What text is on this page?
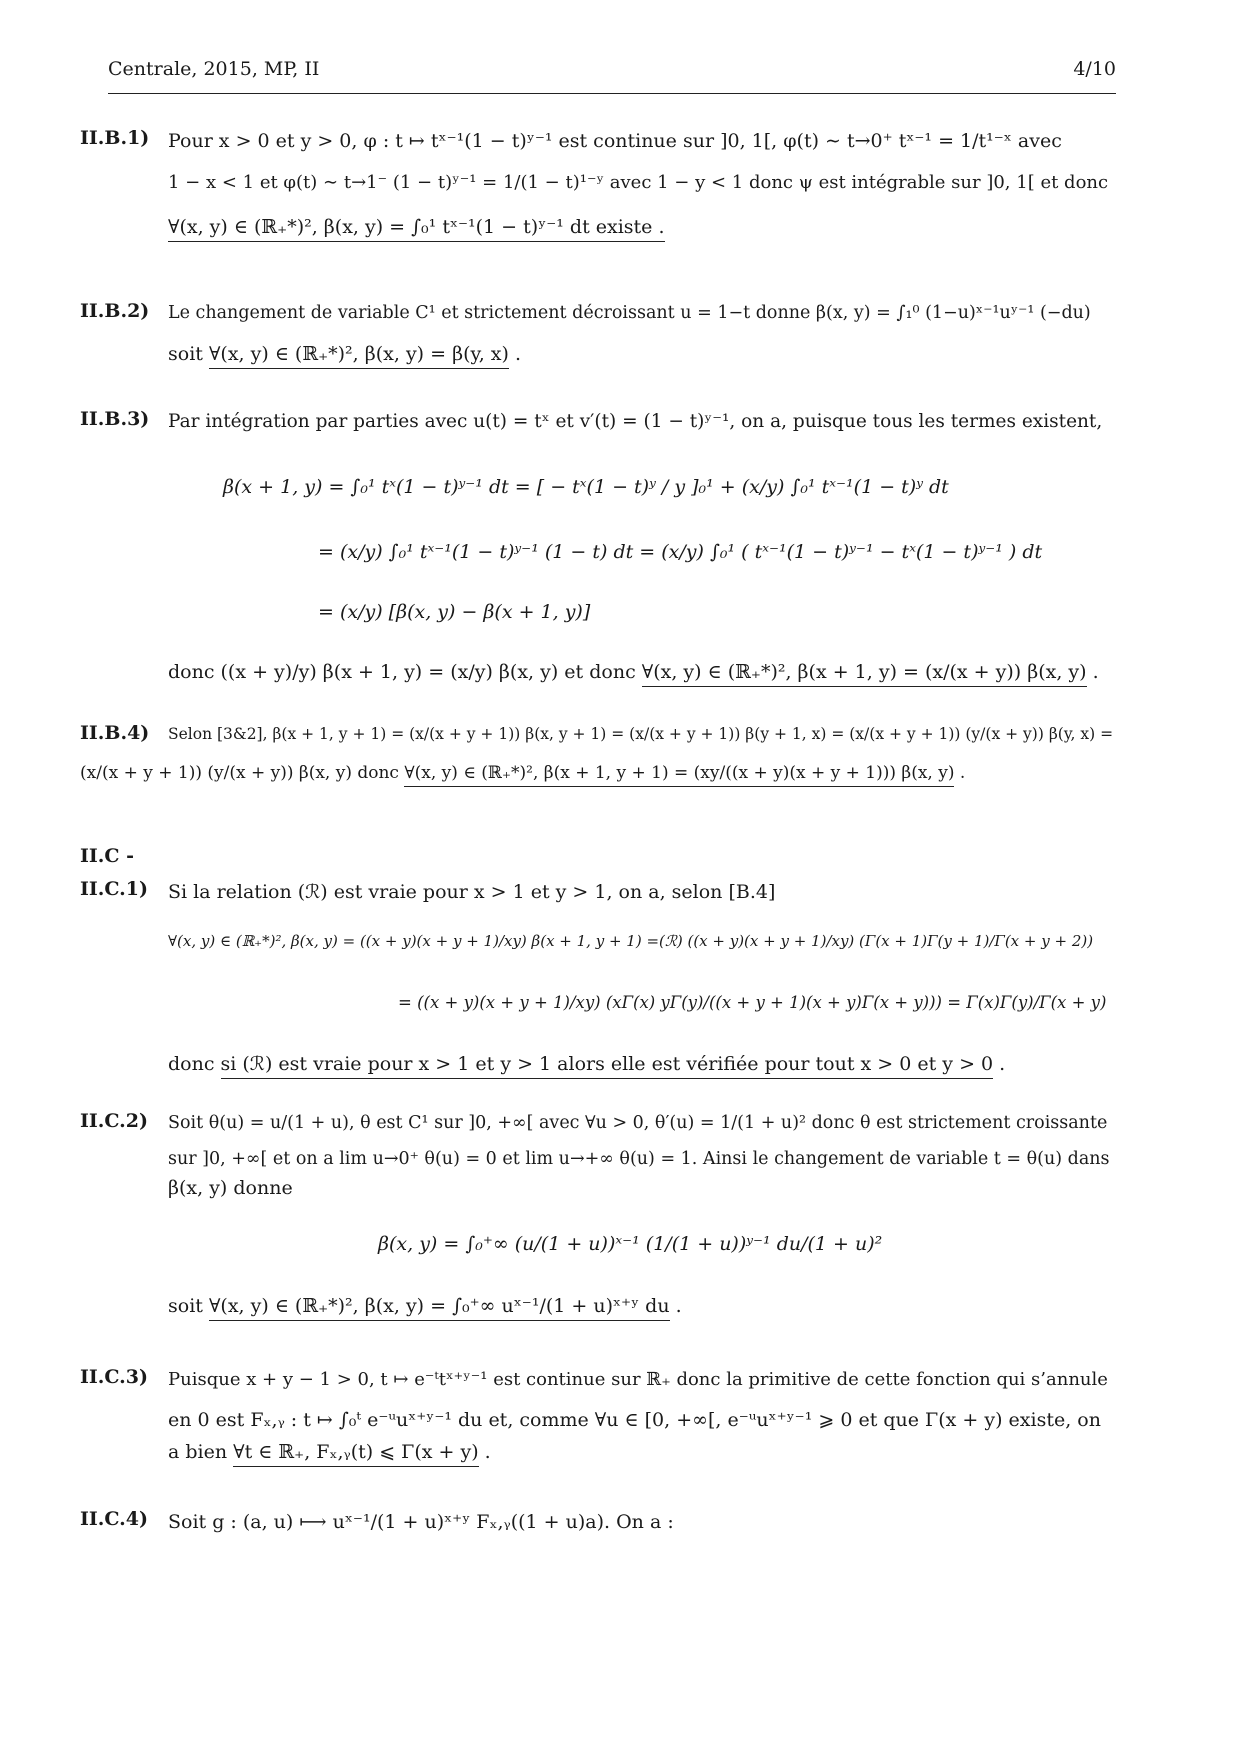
Centrale, 2015, MP, II	4/10
II.B.1) Pour x > 0 et y > 0, φ : t ↦ tˣ⁻¹(1 − t)ʸ⁻¹ est continue sur ]0, 1[, φ(t) ∼ t→0⁺ tˣ⁻¹ = 1/t¹⁻ˣ avec
1 − x < 1 et φ(t) ∼ t→1⁻ (1 − t)ʸ⁻¹ = 1/(1 − t)¹⁻ʸ avec 1 − y < 1 donc ψ est intégrable sur ]0, 1[ et donc
∀(x, y) ∈ (ℝ₊*)², β(x, y) = ∫₀¹ tˣ⁻¹(1 − t)ʸ⁻¹ dt existe .
II.B.2) Le changement de variable C¹ et strictement décroissant u = 1−t donne β(x, y) = ∫₁⁰ (1−u)ˣ⁻¹uʸ⁻¹ (−du)
soit ∀(x, y) ∈ (ℝ₊*)², β(x, y) = β(y, x) .
II.B.3) Par intégration par parties avec u(t) = tˣ et v′(t) = (1 − t)ʸ⁻¹, on a, puisque tous les termes existent,
β(x + 1, y) = ∫₀¹ tˣ(1 − t)ʸ⁻¹ dt = [ − tˣ(1 − t)ʸ / y ]₀¹ + (x/y) ∫₀¹ tˣ⁻¹(1 − t)ʸ dt
= (x/y) ∫₀¹ tˣ⁻¹(1 − t)ʸ⁻¹ (1 − t) dt = (x/y) ∫₀¹ ( tˣ⁻¹(1 − t)ʸ⁻¹ − tˣ(1 − t)ʸ⁻¹ ) dt
= (x/y) [β(x, y) − β(x + 1, y)]
donc ((x + y)/y) β(x + 1, y) = (x/y) β(x, y) et donc ∀(x, y) ∈ (ℝ₊*)², β(x + 1, y) = (x/(x + y)) β(x, y) .
II.B.4) Selon [3&2], β(x + 1, y + 1) = (x/(x + y + 1)) β(x, y + 1) = (x/(x + y + 1)) β(y + 1, x) = (x/(x + y + 1)) (y/(x + y)) β(y, x) =
(x/(x + y + 1)) (y/(x + y)) β(x, y) donc ∀(x, y) ∈ (ℝ₊*)², β(x + 1, y + 1) = (xy/((x + y)(x + y + 1))) β(x, y) .
II.C -
II.C.1) Si la relation (ℛ) est vraie pour x > 1 et y > 1, on a, selon [B.4]
∀(x, y) ∈ (ℝ₊*)², β(x, y) = ((x + y)(x + y + 1)/xy) β(x + 1, y + 1) =(ℛ) ((x + y)(x + y + 1)/xy) (Γ(x + 1)Γ(y + 1)/Γ(x + y + 2))
= ((x + y)(x + y + 1)/xy) (xΓ(x) yΓ(y)/((x + y + 1)(x + y)Γ(x + y))) = Γ(x)Γ(y)/Γ(x + y)
donc si (ℛ) est vraie pour x > 1 et y > 1 alors elle est vérifiée pour tout x > 0 et y > 0 .
II.C.2) Soit θ(u) = u/(1 + u), θ est C¹ sur ]0, +∞[ avec ∀u > 0, θ′(u) = 1/(1 + u)² donc θ est strictement croissante
sur ]0, +∞[ et on a lim u→0⁺ θ(u) = 0 et lim u→+∞ θ(u) = 1. Ainsi le changement de variable t = θ(u) dans
β(x, y) donne
β(x, y) = ∫₀⁺∞ (u/(1 + u))ˣ⁻¹ (1/(1 + u))ʸ⁻¹ du/(1 + u)²
soit ∀(x, y) ∈ (ℝ₊*)², β(x, y) = ∫₀⁺∞ uˣ⁻¹/(1 + u)ˣ⁺ʸ du .
II.C.3) Puisque x + y − 1 > 0, t ↦ e⁻ᵗtˣ⁺ʸ⁻¹ est continue sur ℝ₊ donc la primitive de cette fonction qui s’annule
en 0 est Fₓ,ᵧ : t ↦ ∫₀ᵗ e⁻ᵘuˣ⁺ʸ⁻¹ du et, comme ∀u ∈ [0, +∞[, e⁻ᵘuˣ⁺ʸ⁻¹ ⩾ 0 et que Γ(x + y) existe, on
a bien ∀t ∈ ℝ₊, Fₓ,ᵧ(t) ⩽ Γ(x + y) .
II.C.4) Soit g : (a, u) ⟼ uˣ⁻¹/(1 + u)ˣ⁺ʸ Fₓ,ᵧ((1 + u)a). On a :
